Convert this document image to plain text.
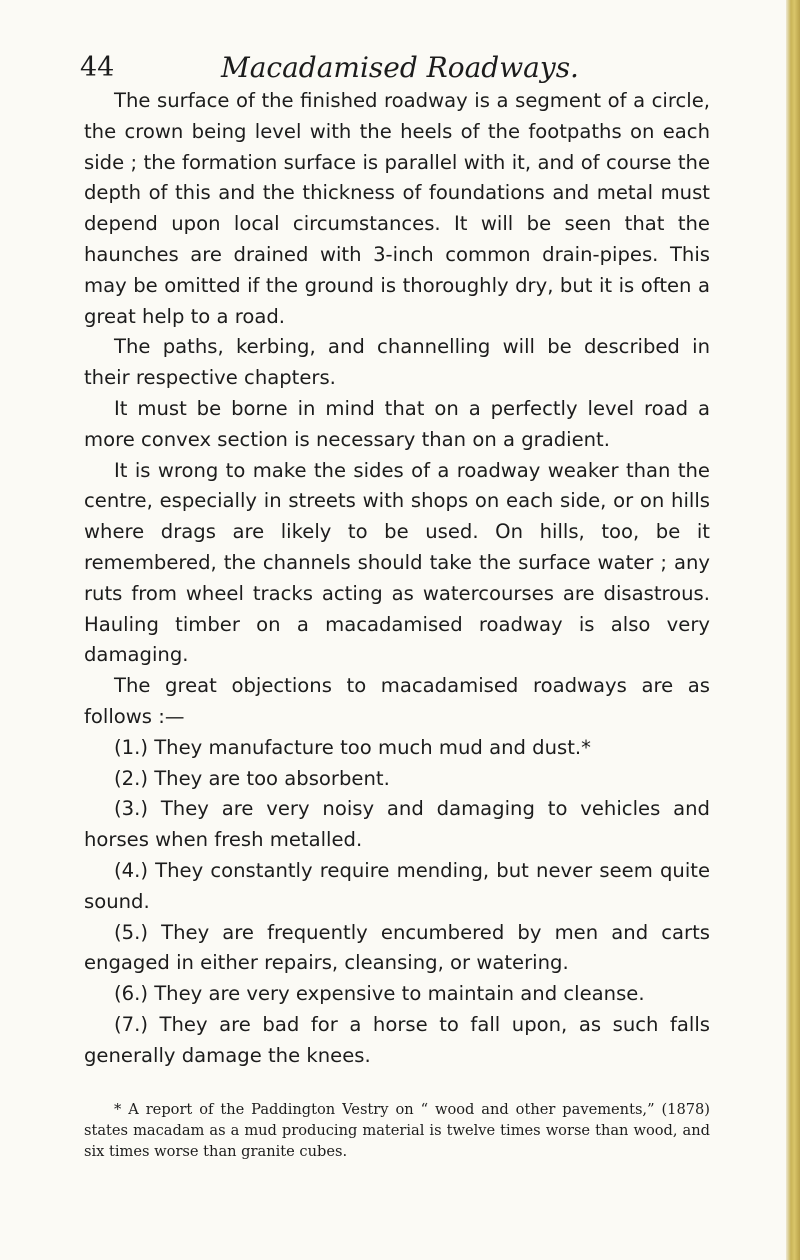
44	Macadamised Roadways.

The surface of the finished roadway is a segment of a circle, the crown being level with the heels of the footpaths on each side ; the formation surface is parallel with it, and of course the depth of this and the thickness of foundations and metal must depend upon local circumstances. It will be seen that the haunches are drained with 3-inch common drain-pipes. This may be omitted if the ground is thoroughly dry, but it is often a great help to a road.

The paths, kerbing, and channelling will be described in their respective chapters.

It must be borne in mind that on a perfectly level road a more convex section is necessary than on a gradient.

It is wrong to make the sides of a roadway weaker than the centre, especially in streets with shops on each side, or on hills where drags are likely to be used. On hills, too, be it remembered, the channels should take the surface water ; any ruts from wheel tracks acting as watercourses are disastrous. Hauling timber on a macadamised roadway is also very damaging.

The great objections to macadamised roadways are as follows :—

(1.) They manufacture too much mud and dust.*

(2.) They are too absorbent.

(3.) They are very noisy and damaging to vehicles and horses when fresh metalled.

(4.) They constantly require mending, but never seem quite sound.

(5.) They are frequently encumbered by men and carts engaged in either repairs, cleansing, or watering.

(6.) They are very expensive to maintain and cleanse.

(7.) They are bad for a horse to fall upon, as such falls generally damage the knees.

* A report of the Paddington Vestry on “ wood and other pavements,” (1878) states macadam as a mud producing material is twelve times worse than wood, and six times worse than granite cubes.
